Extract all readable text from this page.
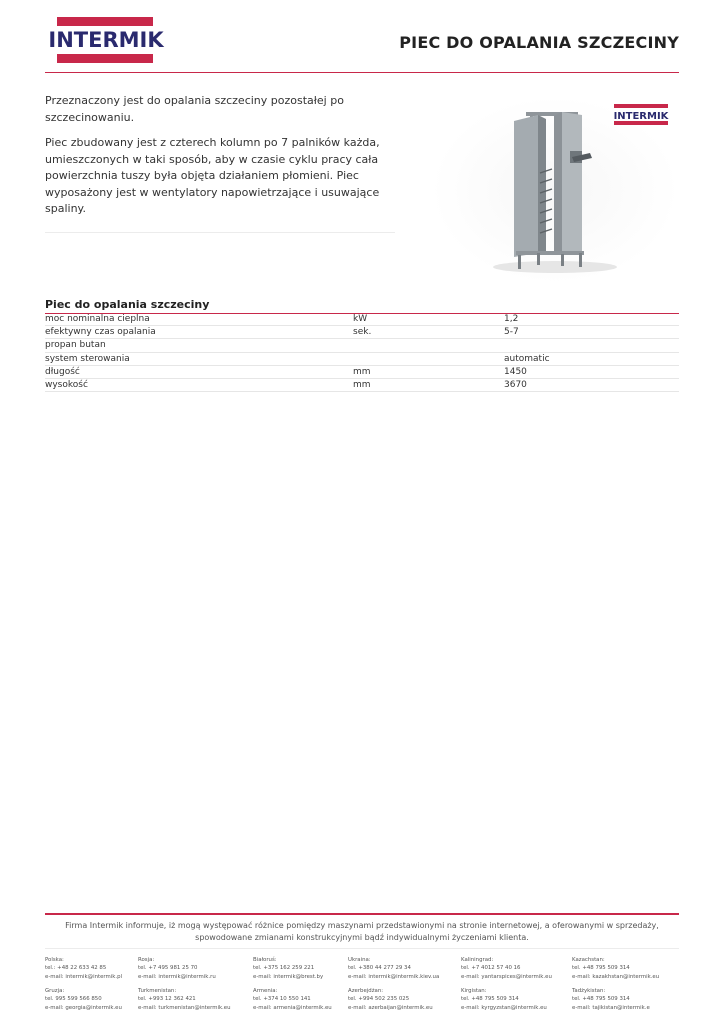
INTERMIK	PIEC DO OPALANIA SZCZECINY

Przeznaczony jest do opalania szczeciny pozostałej po szczecinowaniu.

Piec zbudowany jest z czterech kolumn po 7 palników każda, umieszczonych w taki sposób, aby w czasie cyklu pracy cała powierzchnia tuszy była objęta działaniem płomieni. Piec wyposażony jest w wentylatory napowietrzające i usuwające spaliny.

INTERMIK
Piec do opalania szczeciny
moc nominalna cieplna	kW	1,2
efektywny czas opalania	sek.	5-7
propan butan		
system sterowania		automatic
długość	mm	1450
wysokość	mm	3670
Firma Intermik informuje, iż mogą występować różnice pomiędzy maszynami przedstawionymi na stronie internetowej, a oferowanymi w sprzedaży, spowodowane zmianami konstrukcyjnymi bądź indywidualnymi życzeniami klienta.
Polska:
tel.: +48 22 633 42 85
e-mail: intermik@intermik.pl
Gruzja:
tel. 995 599 566 850
e-mail: georgia@intermik.eu
Rosja:
tel. +7 495 981 25 70
e-mail: intermik@intermik.ru
Turkmenistan:
tel. +993 12 362 421
e-mail: turkmenistan@intermik.eu
Białoruś:
tel. +375 162 259 221
e-mail: intermik@brest.by
Armenia:
tel. +374 10 550 141
e-mail: armenia@intermik.eu
Ukraina:
tel. +380 44 277 29 34
e-mail: intermik@intermik.kiev.ua
Azerbejdżan:
tel. +994 502 235 025
e-mail: azerbaijan@intermik.eu
Kaliningrad:
tel. +7 4012 57 40 16
e-mail: yantarspices@intermik.eu
Kirgistan:
tel. +48 795 509 314
e-mail: kyrgyzstan@intermik.eu
Kazachstan:
tel. +48 795 509 314
e-mail: kazakhstan@intermik.eu
Tadżykistan:
tel. +48 795 509 314
e-mail: tajikistan@intermik.e
